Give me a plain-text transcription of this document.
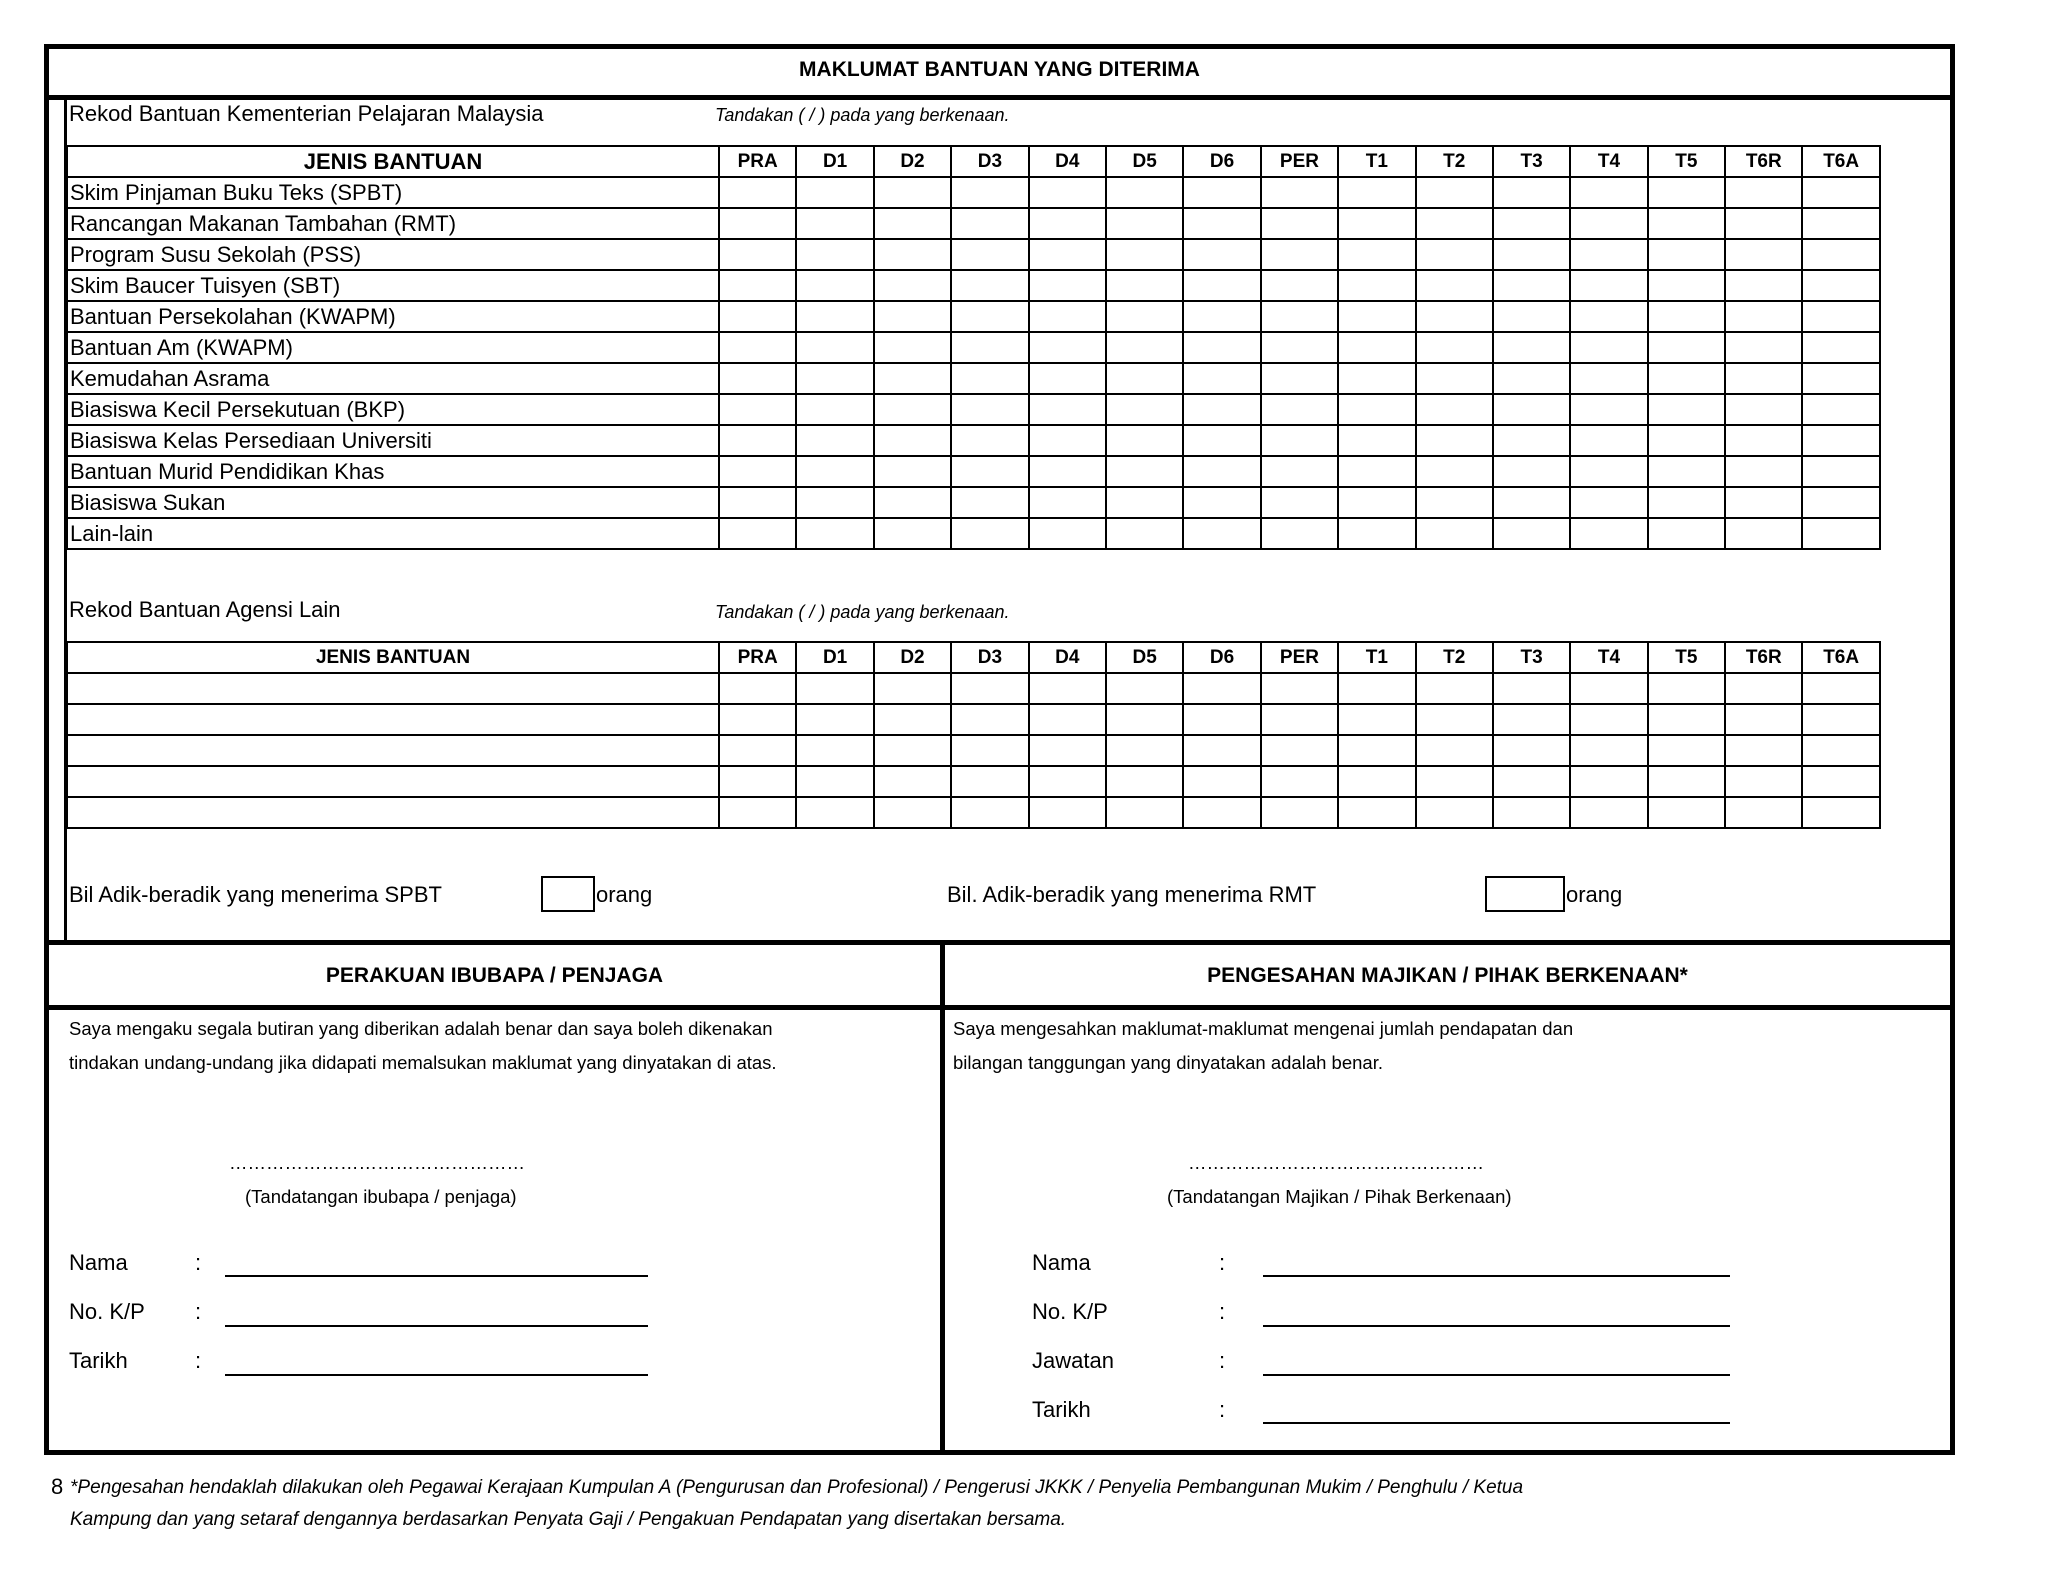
MAKLUMAT BANTUAN YANG DITERIMA
Rekod Bantuan Kementerian Pelajaran Malaysia	Tandakan ( / ) pada yang berkenaan.
JENIS BANTUAN	PRA	D1	D2	D3	D4	D5	D6	PER	T1	T2	T3	T4	T5	T6R	T6A
Skim Pinjaman Buku Teks (SPBT)															
Rancangan Makanan Tambahan (RMT)															
Program Susu Sekolah (PSS)															
Skim Baucer Tuisyen (SBT)															
Bantuan Persekolahan (KWAPM)															
Bantuan Am (KWAPM)															
Kemudahan Asrama															
Biasiswa Kecil Persekutuan (BKP)															
Biasiswa Kelas Persediaan Universiti															
Bantuan Murid Pendidikan Khas															
Biasiswa Sukan															
Lain-lain															
Rekod Bantuan Agensi Lain	Tandakan ( / ) pada yang berkenaan.
JENIS BANTUAN	PRA	D1	D2	D3	D4	D5	D6	PER	T1	T2	T3	T4	T5	T6R	T6A

Bil Adik-beradik yang menerima SPBT	orang	Bil. Adik-beradik yang menerima RMT	orang
PERAKUAN IBUBAPA / PENJAGA
Saya mengaku segala butiran yang diberikan adalah benar dan saya boleh dikenakan
tindakan undang-undang jika didapati memalsukan maklumat yang dinyatakan di atas.
…………………………………………
(Tandatangan ibubapa / penjaga)
Nama	:
No. K/P :
Tarikh	:
PENGESAHAN MAJIKAN / PIHAK BERKENAAN*
Saya mengesahkan maklumat-maklumat mengenai jumlah pendapatan dan
bilangan tanggungan yang dinyatakan adalah benar.
…………………………………………
(Tandatangan Majikan / Pihak Berkenaan)
Nama	:
No. K/P	:
Jawatan	:
Tarikh	:
8 *Pengesahan hendaklah dilakukan oleh Pegawai Kerajaan Kumpulan A (Pengurusan dan Profesional) / Pengerusi JKKK / Penyelia Pembangunan Mukim / Penghulu / Ketua
Kampung dan yang setaraf dengannya berdasarkan Penyata Gaji / Pengakuan Pendapatan yang disertakan bersama.
